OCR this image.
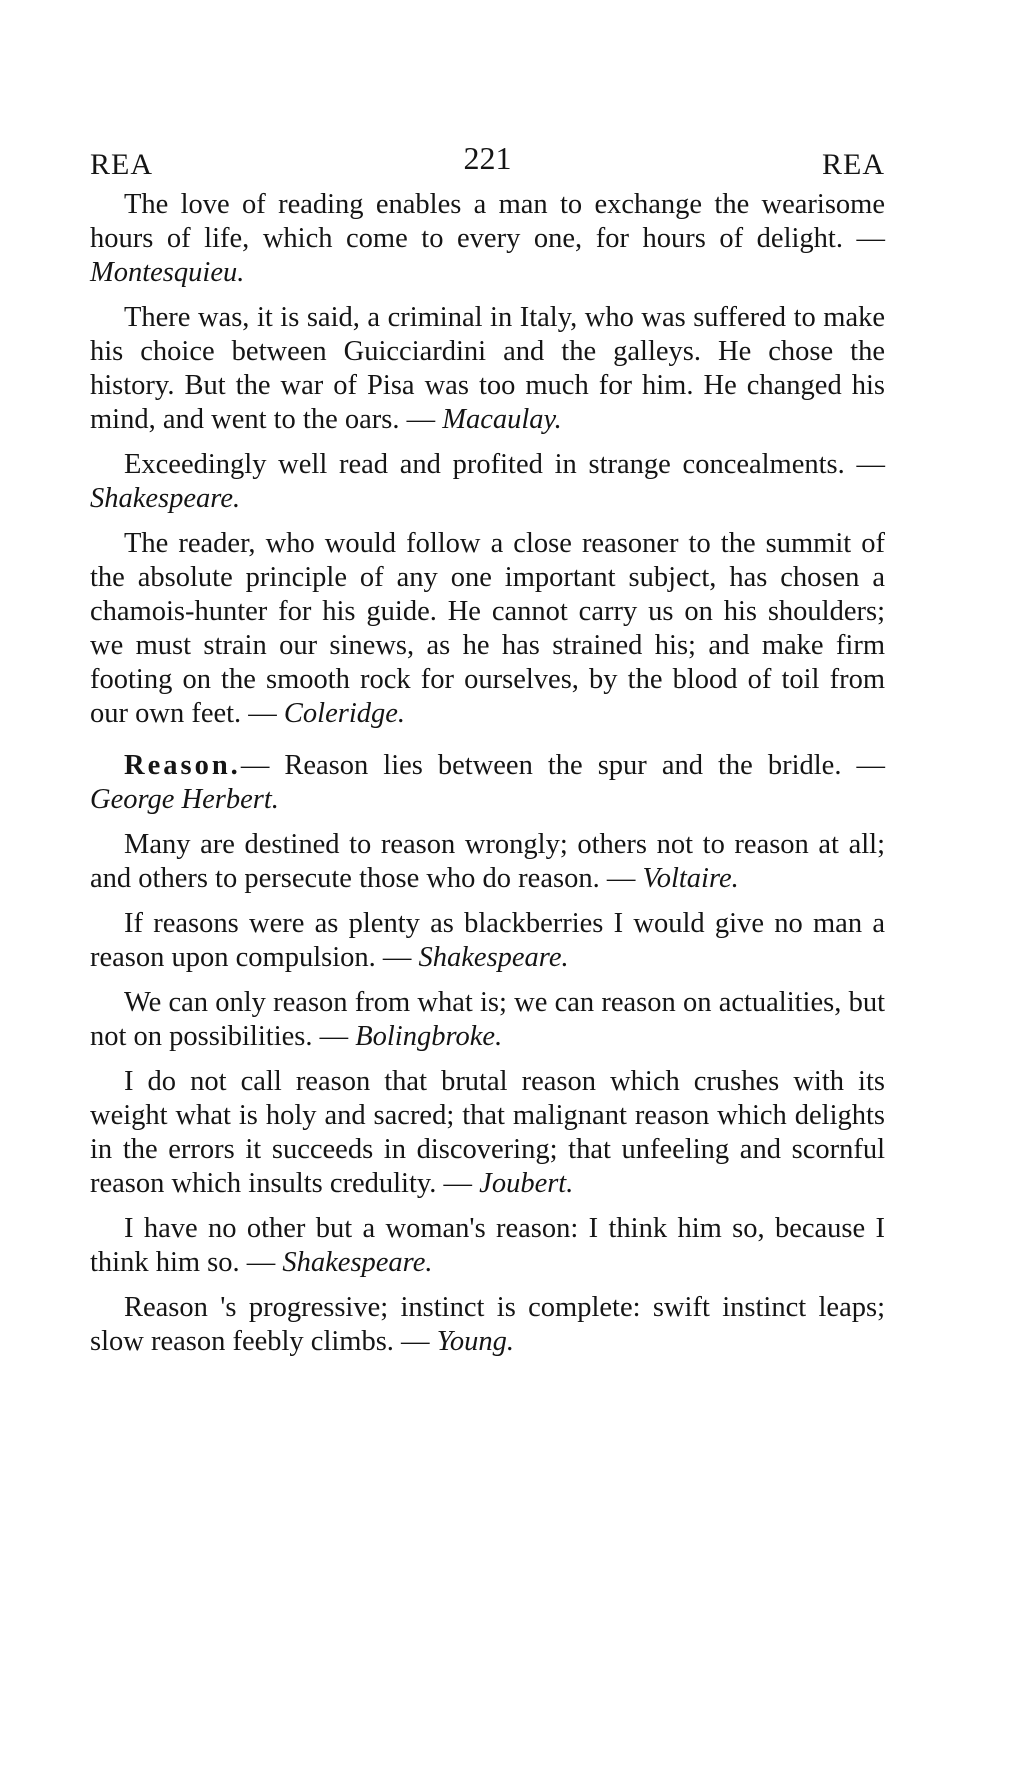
REA	221	REA

The love of reading enables a man to exchange the wearisome hours of life, which come to every one, for hours of delight. — Montesquieu.

There was, it is said, a criminal in Italy, who was suffered to make his choice between Guicciardini and the galleys. He chose the history. But the war of Pisa was too much for him. He changed his mind, and went to the oars. — Macaulay.

Exceedingly well read and profited in strange concealments. — Shakespeare.

The reader, who would follow a close reasoner to the summit of the absolute principle of any one important subject, has chosen a chamois-hunter for his guide. He cannot carry us on his shoulders; we must strain our sinews, as he has strained his; and make firm footing on the smooth rock for ourselves, by the blood of toil from our own feet. — Coleridge.

Reason.— Reason lies between the spur and the bridle. — George Herbert.

Many are destined to reason wrongly; others not to reason at all; and others to persecute those who do reason. — Voltaire.

If reasons were as plenty as blackberries I would give no man a reason upon compulsion. — Shakespeare.

We can only reason from what is; we can reason on actualities, but not on possibilities. — Bolingbroke.

I do not call reason that brutal reason which crushes with its weight what is holy and sacred; that malignant reason which delights in the errors it succeeds in discovering; that unfeeling and scornful reason which insults credulity. — Joubert.

I have no other but a woman's reason: I think him so, because I think him so. — Shakespeare.

Reason 's progressive; instinct is complete: swift instinct leaps; slow reason feebly climbs. — Young.
